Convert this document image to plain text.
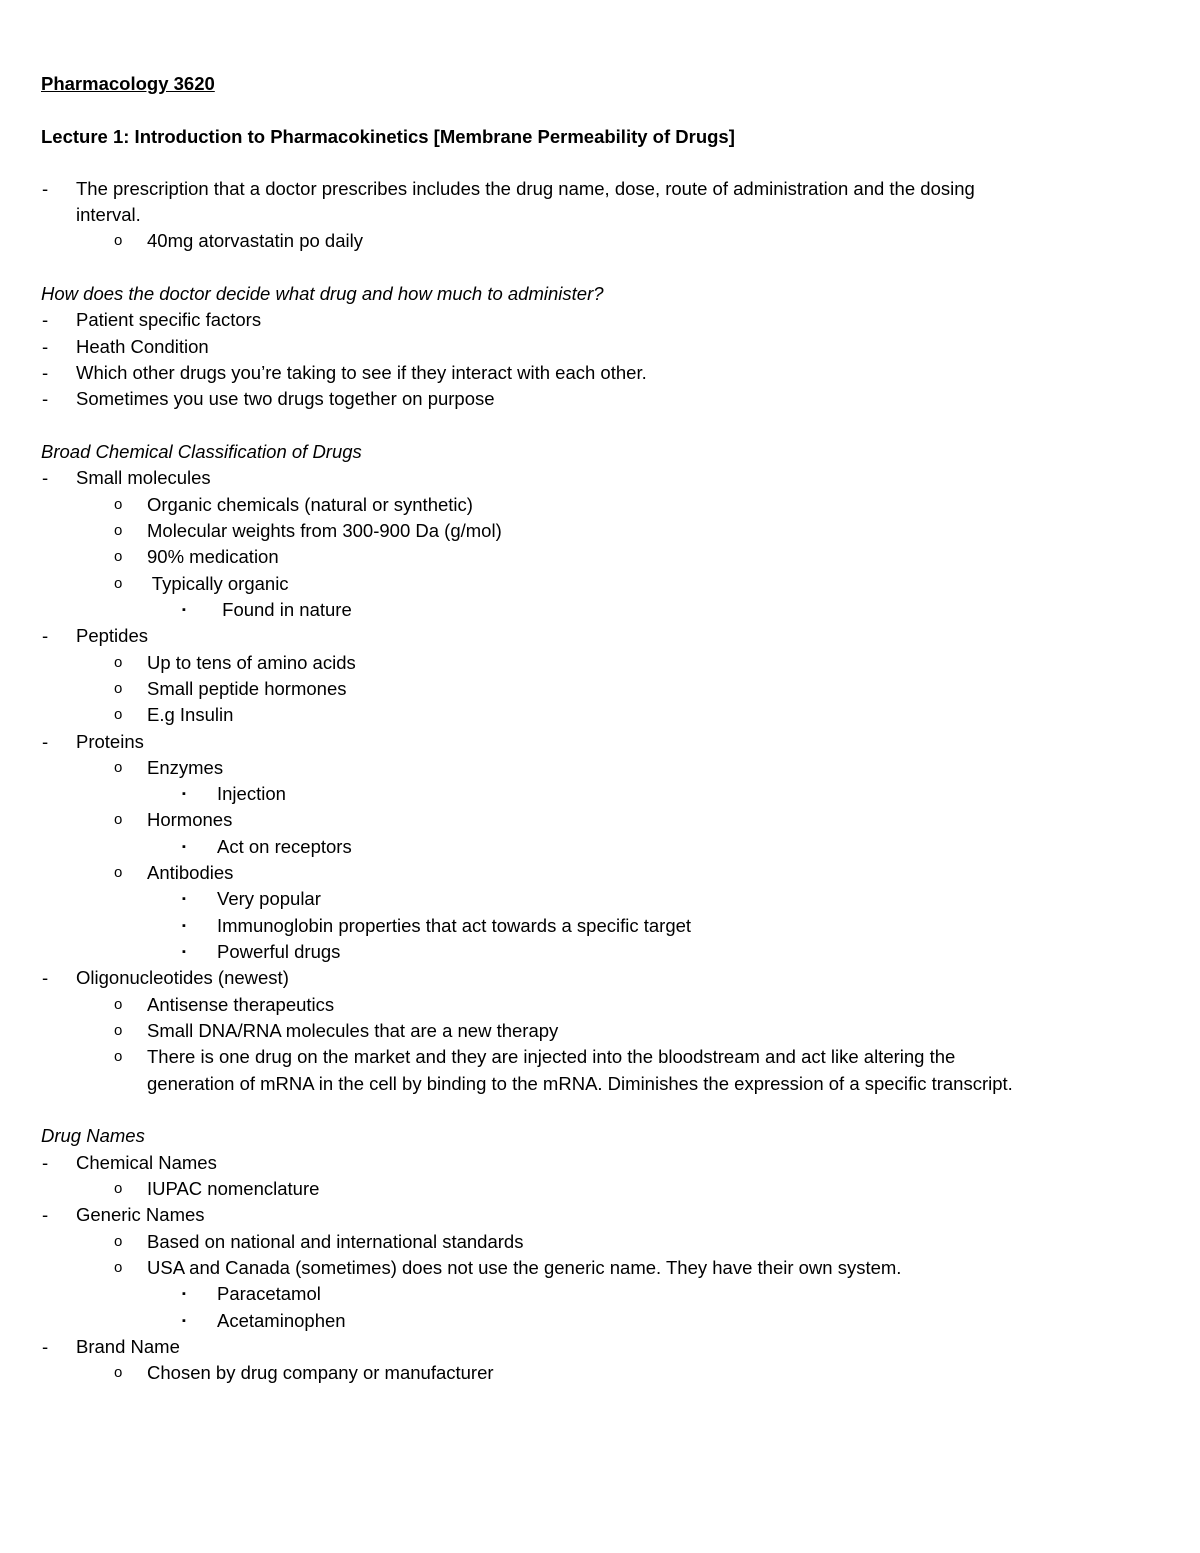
Pharmacology 3620
Lecture 1: Introduction to Pharmacokinetics [Membrane Permeability of Drugs]
- The prescription that a doctor prescribes includes the drug name, dose, route of administration and the dosing
interval.
o 40mg atorvastatin po daily
How does the doctor decide what drug and how much to administer?
- Patient specific factors
- Heath Condition
- Which other drugs you’re taking to see if they interact with each other.
- Sometimes you use two drugs together on purpose
Broad Chemical Classification of Drugs
- Small molecules
o Organic chemicals (natural or synthetic)
o Molecular weights from 300-900 Da (g/mol)
o 90% medication
o Typically organic
▪ Found in nature
- Peptides
o Up to tens of amino acids
o Small peptide hormones
o E.g Insulin
- Proteins
o Enzymes
▪ Injection
o Hormones
▪ Act on receptors
o Antibodies
▪ Very popular
▪ Immunoglobin properties that act towards a specific target
▪ Powerful drugs
- Oligonucleotides (newest)
o Antisense therapeutics
o Small DNA/RNA molecules that are a new therapy
o There is one drug on the market and they are injected into the bloodstream and act like altering the
generation of mRNA in the cell by binding to the mRNA. Diminishes the expression of a specific transcript.
Drug Names
- Chemical Names
o IUPAC nomenclature
- Generic Names
o Based on national and international standards
o USA and Canada (sometimes) does not use the generic name. They have their own system.
▪ Paracetamol
▪ Acetaminophen
- Brand Name
o Chosen by drug company or manufacturer
